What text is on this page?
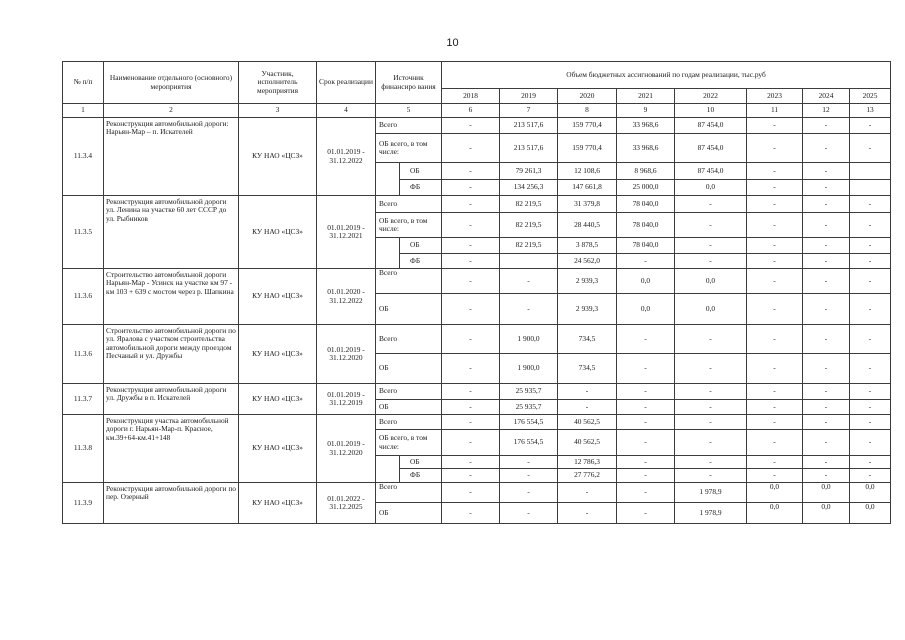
10
№ п/п	Наименование отдельного (основного) мероприятия	Участник, исполнитель мероприятия	Срок реализации	Источник финансиро вания		Объем бюджетных ассигнований по годам реализации, тыс.руб							
						2018	2019	2020	2021	2022	2023	2024	2025
1	2	3	4	5		6	7	8	9	10	11	12	13
11.3.4	Реконструкция автомобильной дороги: Нарьян-Мар – п. Искателей	КУ НАО «ЦСЗ»	01.01.2019 - 31.12.2022	Всего		-	213 517,6	159 770,4	33 968,6	87 454,0	-	-	-
				ОБ всего, в том числе:		-	213 517,6	159 770,4	33 968,6	87 454,0	-	-	-
					ОБ	-	79 261,3	12 108,6	8 968,6	87 454,0	-	-	
					ФБ	-	134 256,3	147 661,8	25 000,0	0,0	-	-	
11.3.5	Реконструкция автомобильной дороги ул. Ленина на участке 60 лет СССР до ул. Рыбников	КУ НАО «ЦСЗ»	01.01.2019 - 31.12.2021	Всего		-	82 219,5	31 379,8	78 040,0	-	-	-	-
				ОБ всего, в том числе:		-	82 219,5	28 440,5	78 040,0	-	-	-	-
					ОБ	-	82 219,5	3 878,5	78 040,0	-	-	-	-
					ФБ	-		24 562,0	-	-	-	-	-
11.3.6	Строительство автомобильной дороги Нарьян-Мар - Усинск на участке км 97 - км 103 + 639 с мостом через р. Шапкина	КУ НАО «ЦСЗ»	01.01.2020 - 31.12.2022	Всего		-	-	2 939,3	0,0	0,0	-	-	-
				ОБ		-	-	2 939,3	0,0	0,0	-	-	-
11.3.6	Строительство автомобильной дороги по ул. Яралова с участком строительства автомобильной дороги между проездом Песчаный и ул. Дружбы	КУ НАО «ЦСЗ»	01.01.2019 - 31.12.2020	Всего		-	1 900,0	734,5	-	-	-	-	-
				ОБ		-	1 900,0	734,5	-	-	-	-	-
11.3.7	Реконструкция автомобильной дороги ул. Дружбы в п. Искателей	КУ НАО «ЦСЗ»	01.01.2019 - 31.12.2019	Всего		-	25 935,7	-	-	-	-	-	-
				ОБ		-	25 935,7	-	-	-	-	-	-
11.3.8	Реконструкция участка автомобильной дороги г. Нарьян-Мар-п. Красное, км.39+64-км.41+148	КУ НАО «ЦСЗ»	01.01.2019 - 31.12.2020	Всего		-	176 554,5	40 562,5	-	-	-	-	-
				ОБ всего, в том числе:		-	176 554,5	40 562,5	-	-	-	-	-
					ОБ	-	-	12 786,3	-	-	-	-	-
					ФБ	-	-	27 776,2	-	-	-	-	-
11.3.9	Реконструкция автомобильной дороги по пер. Озерный	КУ НАО «ЦСЗ»	01.01.2022 - 31.12.2025	Всего		-	-	-	-	1 978,9	0,0	0,0	0,0
				ОБ		-	-	-	-	1 978,9	0,0	0,0	0,0
